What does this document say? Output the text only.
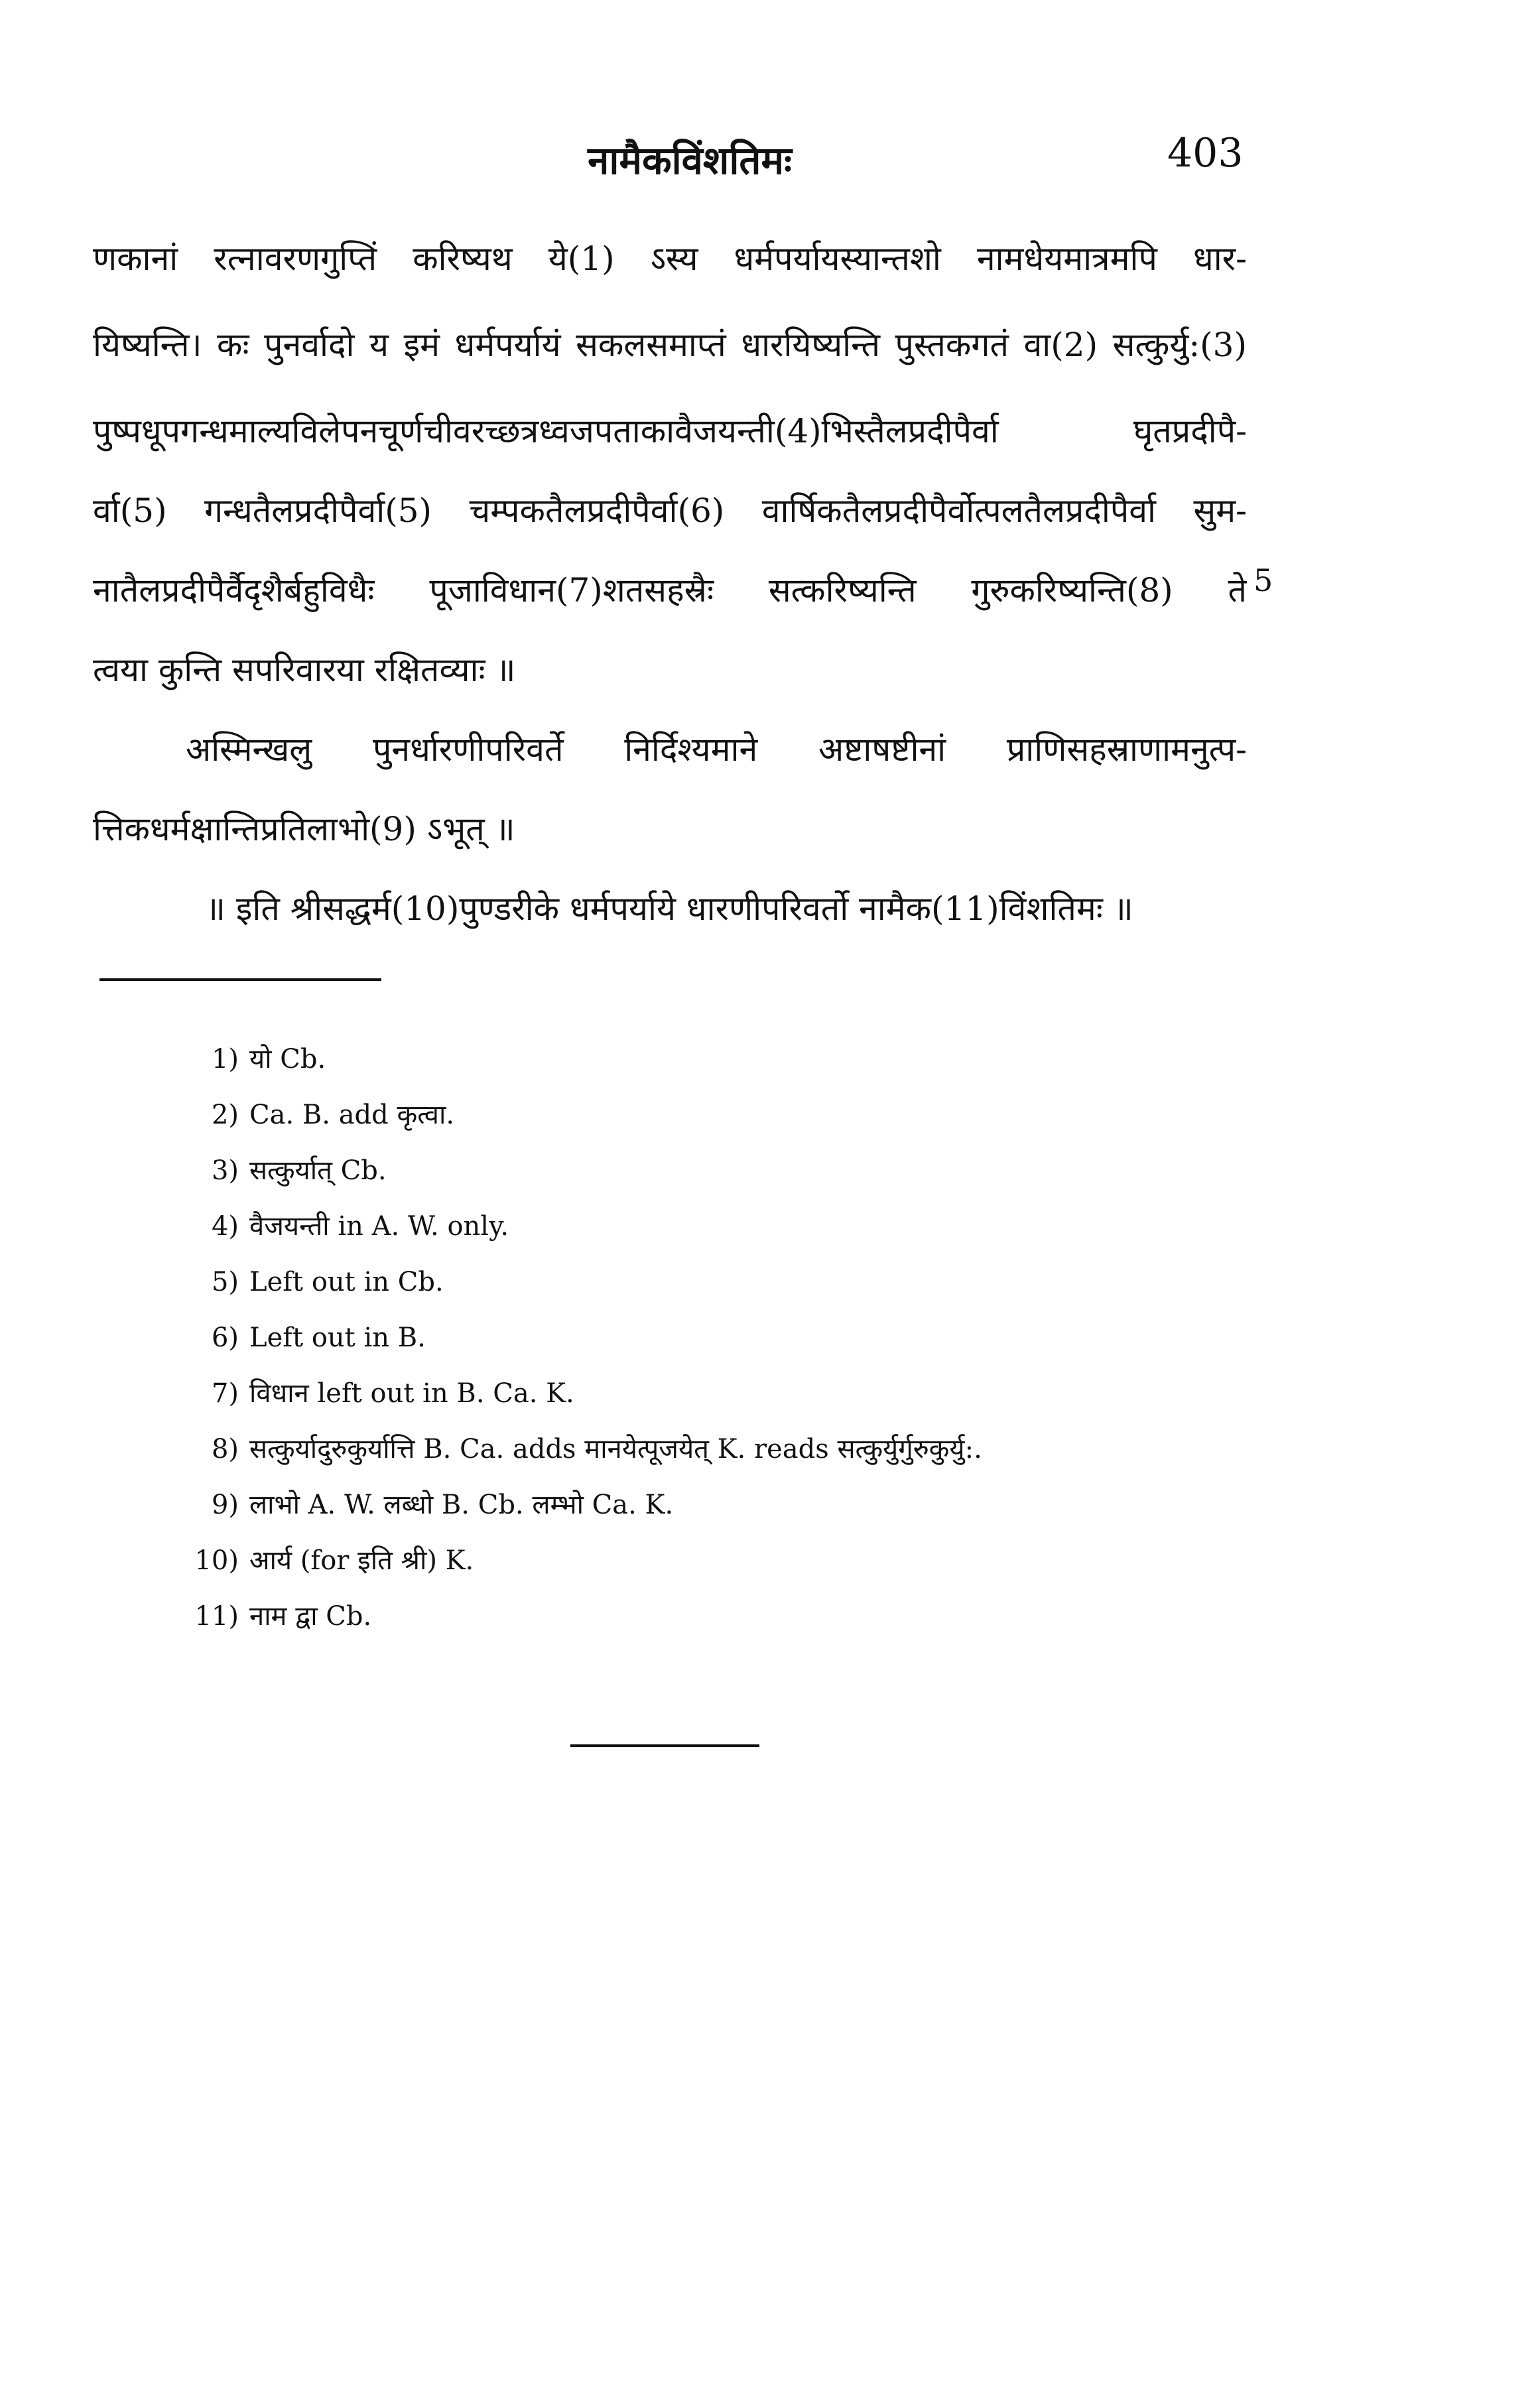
नामैकविंशतिमः	403
णकानां रत्नावरणगुप्तिं करिष्यथ ये(1) ऽस्य धर्मपर्यायस्यान्तशो नामधेयमात्रमपि धार-
यिष्यन्ति। कः पुनर्वादो य इमं धर्मपर्यायं सकलसमाप्तं धारयिष्यन्ति पुस्तकगतं वा(2) सत्कुर्यु:(3)
पुष्पधूपगन्धमाल्यविलेपनचूर्णचीवरच्छत्रध्वजपताकावैजयन्ती(4)भिस्तैलप्रदीपैर्वा घृतप्रदीपै-
र्वा(5) गन्धतैलप्रदीपैर्वा(5) चम्पकतैलप्रदीपैर्वा(6) वार्षिकतैलप्रदीपैर्वोत्पलतैलप्रदीपैर्वा सुम-
नातैलप्रदीपैर्वैदृशैर्बहुविधैः पूजाविधान(7)शतसहस्रैः सत्करिष्यन्ति गुरुकरिष्यन्ति(8) ते
त्वया कुन्ति सपरिवारया रक्षितव्याः ॥
अस्मिन्खलु पुनर्धारणीपरिवर्ते निर्दिश्यमाने अष्टाषष्टीनां प्राणिसहस्राणामनुत्प-
त्तिकधर्मक्षान्तिप्रतिलाभो(9) ऽभूत् ॥
॥ इति श्रीसद्धर्म(10)पुण्डरीके धर्मपर्याये धारणीपरिवर्तो नामैक(11)विंशतिमः ॥
5
1) यो Cb.
2) Ca. B. add कृत्वा.
3) सत्कुर्यात् Cb.
4) वैजयन्ती in A. W. only.
5) Left out in Cb.
6) Left out in B.
7) विधान left out in B. Ca. K.
8) सत्कुर्यादुरुकुर्यात्ति B. Ca. adds मानयेत्पूजयेत् K. reads सत्कुर्युर्गुरुकुर्यु:.
9) लाभो A. W. लब्धो B. Cb. लम्भो Ca. K.
10) आर्य (for इति श्री) K.
11) नाम द्वा Cb.
